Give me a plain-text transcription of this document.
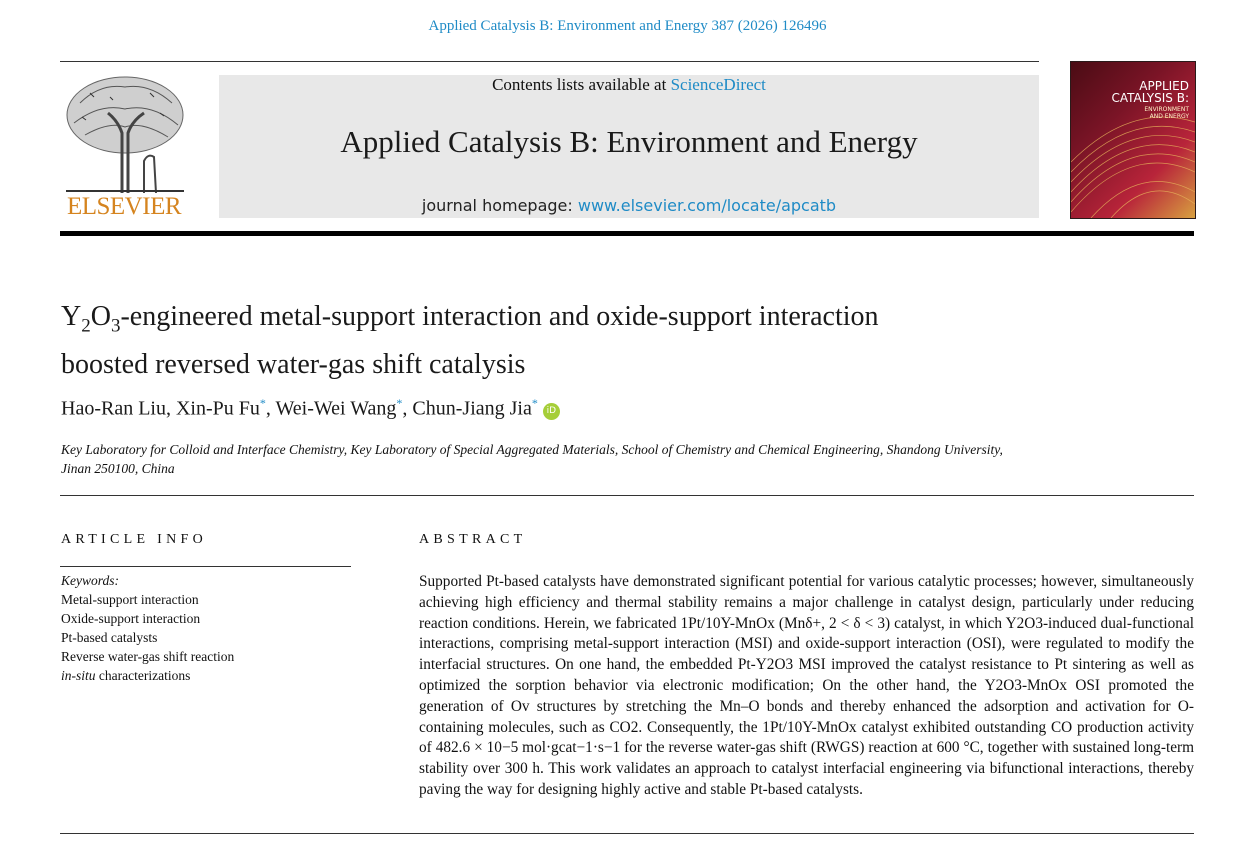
Applied Catalysis B: Environment and Energy 387 (2026) 126496
ELSEVIER
Contents lists available at ScienceDirect
Applied Catalysis B: Environment and Energy
journal homepage: www.elsevier.com/locate/apcatb
APPLIED
CATALYSIS B:
ENVIRONMENT
AND ENERGY
$Y_2O_3$-engineered metal-support interaction and oxide-support interaction
boosted reversed water-gas shift catalysis
Hao-Ran Liu, Xin-Pu Fu*, Wei-Wei Wang*, Chun-Jiang Jia* iD
Key Laboratory for Colloid and Interface Chemistry, Key Laboratory of Special Aggregated Materials, School of Chemistry and Chemical Engineering, Shandong University, Jinan 250100, China
ARTICLE INFO
Keywords:
Metal-support interaction
Oxide-support interaction
Pt-based catalysts
Reverse water-gas shift reaction
in-situ characterizations
ABSTRACT
Supported Pt-based catalysts have demonstrated significant potential for various catalytic processes; however, simultaneously achieving high efficiency and thermal stability remains a major challenge in catalyst design, particularly under reducing reaction conditions. Herein, we fabricated 1Pt/10Y-MnOx (Mnδ+, 2 < δ < 3) catalyst, in which Y2O3-induced dual-functional interactions, comprising metal-support interaction (MSI) and oxide-support interaction (OSI), were regulated to modify the interfacial structures. On one hand, the embedded Pt-Y2O3 MSI improved the catalyst resistance to Pt sintering as well as optimized the sorption behavior via electronic modification; On the other hand, the Y2O3-MnOx OSI promoted the generation of Ov structures by stretching the Mn–O bonds and thereby enhanced the adsorption and activation for O-containing molecules, such as CO2. Consequently, the 1Pt/10Y-MnOx catalyst exhibited outstanding CO production activity of 482.6 × 10−5 mol·gcat−1·s−1 for the reverse water-gas shift (RWGS) reaction at 600 °C, together with sustained long-term stability over 300 h. This work validates an approach to catalyst interfacial engineering via bifunctional interactions, thereby paving the way for designing highly active and stable Pt-based catalysts.
